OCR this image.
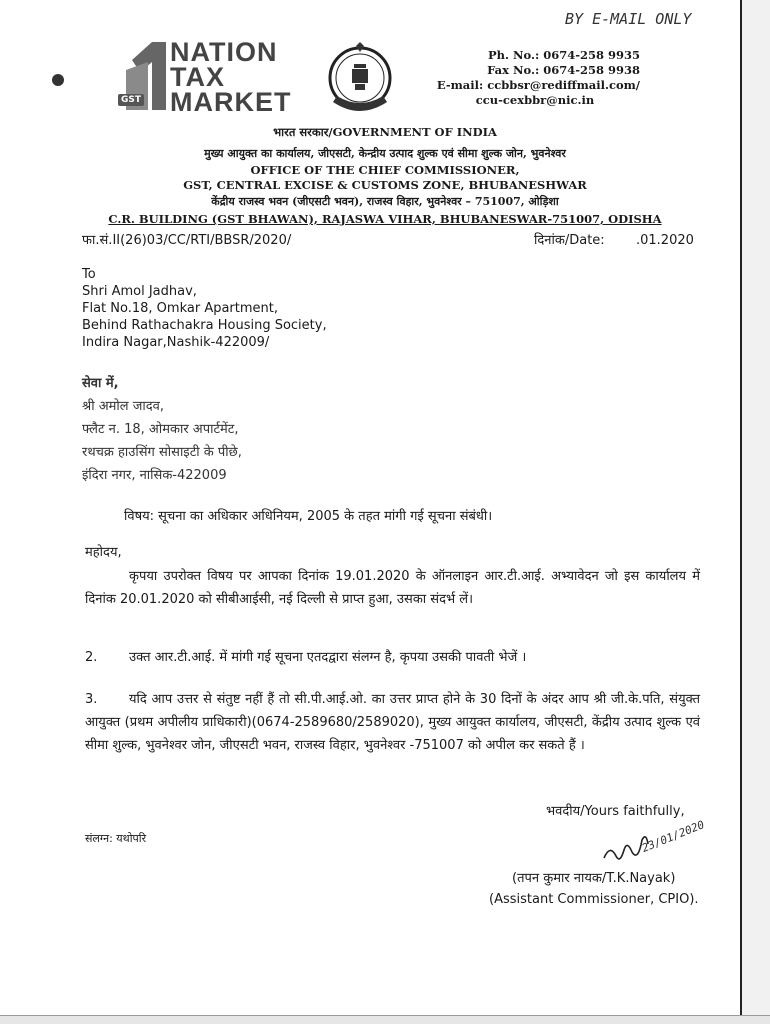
BY E-MAIL ONLY
GST
NATION
TAX
MARKET
Ph. No.: 0674-258 9935
Fax No.: 0674-258 9938
E-mail: ccbbsr@rediffmail.com/
ccu-cexbbr@nic.in
भारत सरकार/GOVERNMENT OF INDIA
मुख्य आयुक्त का कार्यालय, जीएसटी, केन्द्रीय उत्पाद शुल्क एवं सीमा शुल्क जोन, भुवनेश्वर
OFFICE OF THE CHIEF COMMISSIONER,
GST, CENTRAL EXCISE & CUSTOMS ZONE, BHUBANESHWAR
केंद्रीय राजस्व भवन (जीएसटी भवन), राजस्व विहार, भुवनेश्वर – 751007, ओड़िशा
C.R. BUILDING (GST BHAWAN), RAJASWA VIHAR, BHUBANESWAR-751007, ODISHA
फा.सं.II(26)03/CC/RTI/BBSR/2020/	दिनांक/Date: .01.2020
To
Shri Amol Jadhav,
Flat No.18, Omkar Apartment,
Behind Rathachakra Housing Society,
Indira Nagar,Nashik-422009/
सेवा में,
श्री अमोल जादव,
फ्लैट न. 18, ओमकार अपार्टमेंट,
रथचक्र हाउसिंग सोसाइटी के पीछे,
इंदिरा नगर, नासिक-422009
विषय: सूचना का अधिकार अधिनियम, 2005 के तहत मांगी गई सूचना संबंधी।
महोदय,
कृपया उपरोक्त विषय पर आपका दिनांक 19.01.2020 के ऑनलाइन आर.टी.आई. अभ्यावेदन जो इस कार्यालय में दिनांक 20.01.2020 को सीबीआईसी, नई दिल्ली से प्राप्त हुआ, उसका संदर्भ लें।
2. उक्त आर.टी.आई. में मांगी गई सूचना एतदद्वारा संलग्न है, कृपया उसकी पावती भेजें ।
3. यदि आप उत्तर से संतुष्ट नहीं हैं तो सी.पी.आई.ओ. का उत्तर प्राप्त होने के 30 दिनों के अंदर आप श्री जी.के.पति, संयुक्त आयुक्त (प्रथम अपीलीय प्राधिकारी)(0674-2589680/2589020), मुख्य आयुक्त कार्यालय, जीएसटी, केंद्रीय उत्पाद शुल्क एवं सीमा शुल्क, भुवनेश्वर जोन, जीएसटी भवन, राजस्व विहार, भुवनेश्वर -751007 को अपील कर सकते हैं ।
भवदीय/Yours faithfully,
संलग्न: यथोपरि	23/01/2020
(तपन कुमार नायक/T.K.Nayak)
(Assistant Commissioner, CPIO).
